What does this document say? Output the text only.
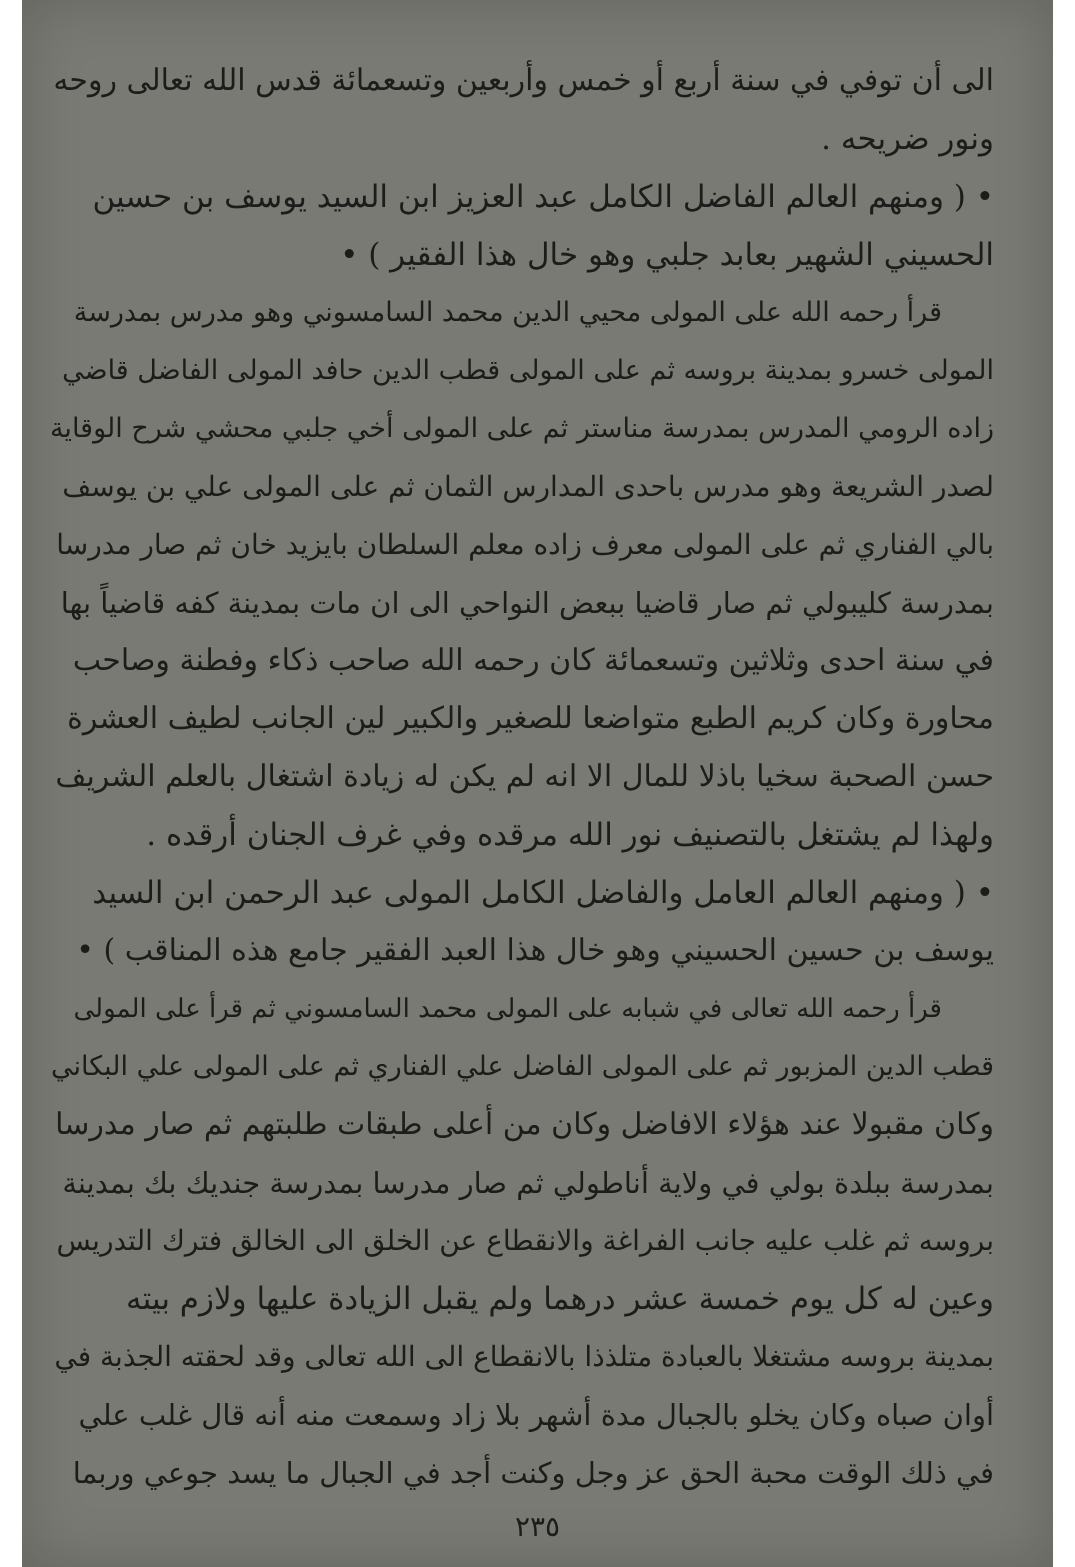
الى أن توفي في سنة أربع أو خمس وأربعين وتسعمائة قدس الله تعالى روحه
ونور ضريحه .
• ( ومنهم العالم الفاضل الكامل عبد العزيز ابن السيد يوسف بن حسين
الحسيني الشهير بعابد جلبي وهو خال هذا الفقير ) •
قرأ رحمه الله على المولى محيي الدين محمد السامسوني وهو مدرس بمدرسة
المولى خسرو بمدينة بروسه ثم على المولى قطب الدين حافد المولى الفاضل قاضي
زاده الرومي المدرس بمدرسة مناستر ثم على المولى أخي جلبي محشي شرح الوقاية
لصدر الشريعة وهو مدرس باحدى المدارس الثمان ثم على المولى علي بن يوسف
بالي الفناري ثم على المولى معرف زاده معلم السلطان بايزيد خان ثم صار مدرسا
بمدرسة كليبولي ثم صار قاضيا ببعض النواحي الى ان مات بمدينة كفه قاضياً بها
في سنة احدى وثلاثين وتسعمائة كان رحمه الله صاحب ذكاء وفطنة وصاحب
محاورة وكان كريم الطبع متواضعا للصغير والكبير لين الجانب لطيف العشرة
حسن الصحبة سخيا باذلا للمال الا انه لم يكن له زيادة اشتغال بالعلم الشريف
ولهذا لم يشتغل بالتصنيف نور الله مرقده وفي غرف الجنان أرقده .
• ( ومنهم العالم العامل والفاضل الكامل المولى عبد الرحمن ابن السيد
يوسف بن حسين الحسيني وهو خال هذا العبد الفقير جامع هذه المناقب ) •
قرأ رحمه الله تعالى في شبابه على المولى محمد السامسوني ثم قرأ على المولى
قطب الدين المزبور ثم على المولى الفاضل علي الفناري ثم على المولى علي البكاني
وكان مقبولا عند هؤلاء الافاضل وكان من أعلى طبقات طلبتهم ثم صار مدرسا
بمدرسة ببلدة بولي في ولاية أناطولي ثم صار مدرسا بمدرسة جنديك بك بمدينة
بروسه ثم غلب عليه جانب الفراغة والانقطاع عن الخلق الى الخالق فترك التدريس
وعين له كل يوم خمسة عشر درهما ولم يقبل الزيادة عليها ولازم بيته
بمدينة بروسه مشتغلا بالعبادة متلذذا بالانقطاع الى الله تعالى وقد لحقته الجذبة في
أوان صباه وكان يخلو بالجبال مدة أشهر بلا زاد وسمعت منه أنه قال غلب علي
في ذلك الوقت محبة الحق عز وجل وكنت أجد في الجبال ما يسد جوعي وربما
٢٣٥
